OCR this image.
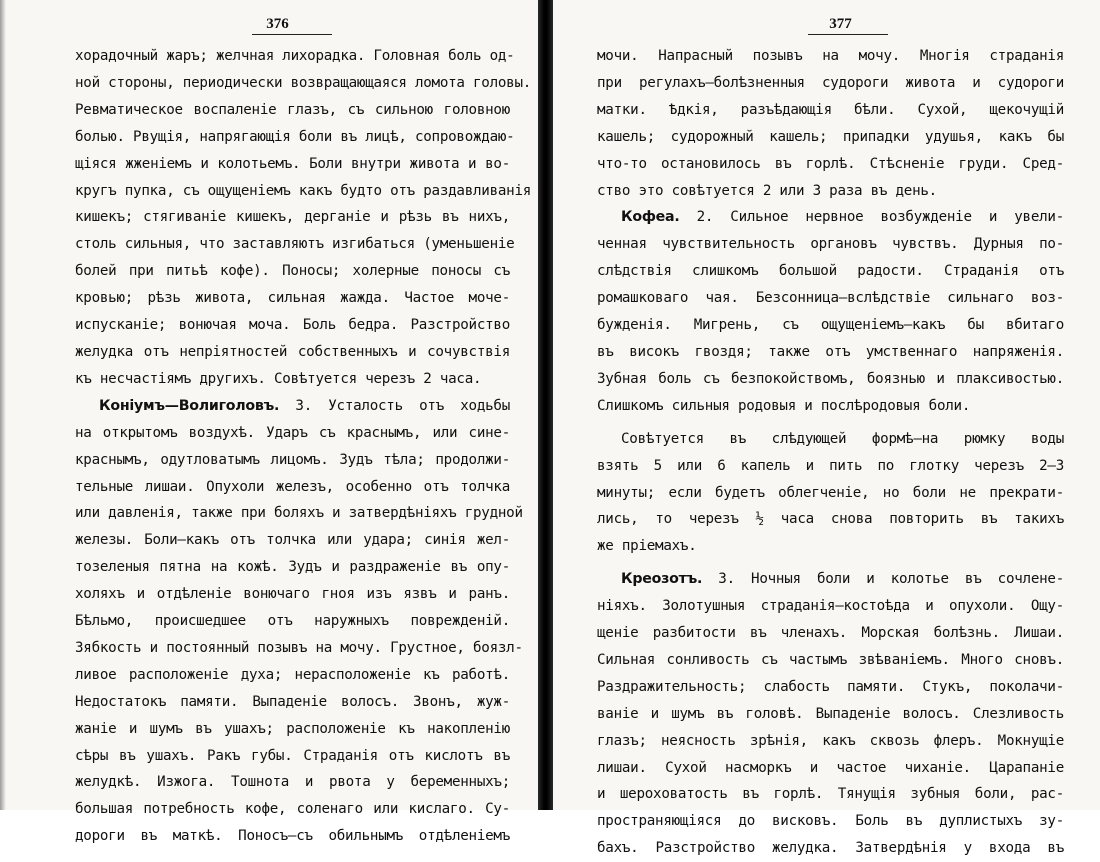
376
хорадочный жаръ; желчная лихорадка. Головная боль од-
ной стороны, периодически возвращающаяся ломота головы.
Ревматическое воспаленіе глазъ, съ сильною головною
болью. Рвущія, напрягающія боли въ лицѣ, сопровождаю-
щіяся жженіемъ и колотьемъ. Боли внутри живота и во-
кругъ пупка, съ ощущеніемъ какъ будто отъ раздавливанія
кишекъ; стягиваніе кишекъ, дерганіе и рѣзь въ нихъ,
столь сильныя, что заставляютъ изгибаться (уменьшеніе
болей при питьѣ кофе). Поносы; холерные поносы съ
кровью; рѣзь живота, сильная жажда. Частое моче-
испусканіе; вонючая моча. Боль бедра. Разстройство
желудка отъ непріятностей собственныхъ и сочувствія
къ несчастіямъ другихъ. Совѣтуется черезъ 2 часа.
Коніумъ—Волиголовъ. 3. Усталость отъ ходьбы
на открытомъ воздухѣ. Ударъ съ краснымъ, или сине-
краснымъ, одутловатымъ лицомъ. Зудъ тѣла; продолжи-
тельные лишаи. Опухоли железъ, особенно отъ толчка
или давленія, также при боляхъ и затвердѣніяхъ грудной
железы. Боли—какъ отъ толчка или удара; синія жел-
тозеленыя пятна на кожѣ. Зудъ и раздраженіе въ опу-
холяхъ и отдѣленіе вонючаго гноя изъ язвъ и ранъ.
Бѣльмо, происшедшее отъ наружныхъ поврежденій.
Зябкость и постоянный позывъ на мочу. Грустное, боязл-
ливое расположеніе духа; нерасположеніе къ работѣ.
Недостатокъ памяти. Выпаденіе волосъ. Звонъ, жуж-
жаніе и шумъ въ ушахъ; расположеніе къ накопленію
сѣры въ ушахъ. Ракъ губы. Страданія отъ кислотъ въ
желудкѣ. Изжога. Тошнота и рвота у беременныхъ;
большая потребность кофе, соленаго или кислаго. Су-
дороги въ маткѣ. Поносъ—съ обильнымъ отдѣленіемъ
377
мочи. Напрасный позывъ на мочу. Многія страданія
при регулахъ—болѣзненныя судороги живота и судороги
матки. Ѣдкія, разъѣдающія бѣли. Сухой, щекочущій
кашель; судорожный кашель; припадки удушья, какъ бы
что-то остановилось въ горлѣ. Стѣсненіе груди. Сред-
ство это совѣтуется 2 или 3 раза въ день.
Кофеа. 2. Сильное нервное возбужденіе и увели-
ченная чувствительность органовъ чувствъ. Дурныя по-
слѣдствія слишкомъ большой радости. Страданія отъ
ромашковаго чая. Безсонница—вслѣдствіе сильнаго воз-
бужденія. Мигрень, съ ощущеніемъ—какъ бы вбитаго
въ високъ гвоздя; также отъ умственнаго напряженія.
Зубная боль съ безпокойствомъ, боязнью и плаксивостью.
Слишкомъ сильныя родовыя и послѣродовыя боли.
Совѣтуется въ слѣдующей формѣ—на рюмку воды
взять 5 или 6 капель и пить по глотку черезъ 2—3
минуты; если будетъ облегченіе, но боли не прекрати-
лись, то черезъ ½ часа снова повторить въ такихъ
же пріемахъ.
Креозотъ. 3. Ночныя боли и колотье въ сочлене-
ніяхъ. Золотушныя страданія—костоѣда и опухоли. Ощу-
щеніе разбитости въ членахъ. Морская болѣзнь. Лишаи.
Сильная сонливость съ частымъ звѣваніемъ. Много сновъ.
Раздражительность; слабость памяти. Стукъ, поколачи-
ваніе и шумъ въ головѣ. Выпаденіе волосъ. Слезливость
глазъ; неясность зрѣнія, какъ сквозь флеръ. Мокнущіе
лишаи. Сухой насморкъ и частое чиханіе. Царапаніе
и шероховатость въ горлѣ. Тянущія зубныя боли, рас-
пространяющіяся до висковъ. Боль въ дуплистыхъ зу-
бахъ. Разстройство желудка. Затвердѣнія у входа въ
